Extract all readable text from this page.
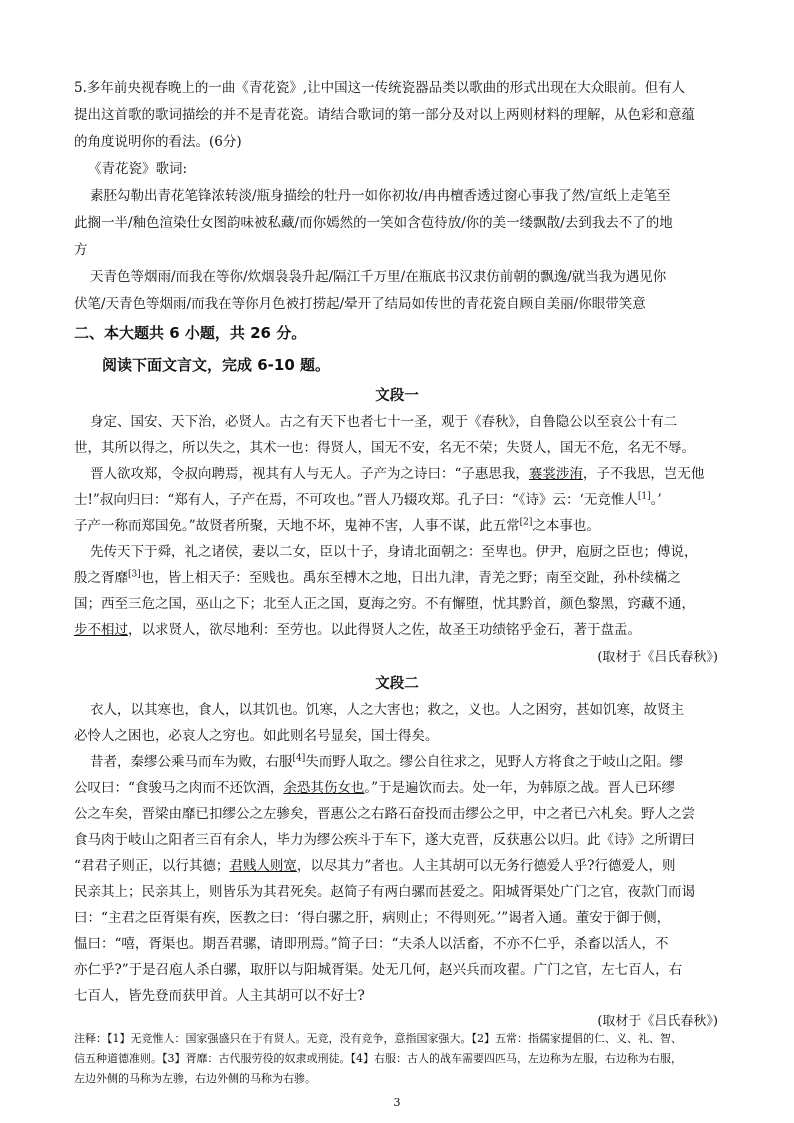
5.多年前央视春晚上的一曲《青花瓷》,让中国这一传统瓷器品类以歌曲的形式出现在大众眼前。但有人
提出这首歌的歌词描绘的并不是青花瓷。请结合歌词的第一部分及对以上两则材料的理解，从色彩和意蕴
的角度说明你的看法。(6分)
《青花瓷》歌词:
素胚勾勒出青花笔锋浓转淡/瓶身描绘的牡丹一如你初妆/冉冉檀香透过窗心事我了然/宣纸上走笔至
此搁一半/釉色渲染仕女图韵味被私藏/而你嫣然的一笑如含苞待放/你的美一缕飘散/去到我去不了的地
方
天青色等烟雨/而我在等你/炊烟袅袅升起/隔江千万里/在瓶底书汉隶仿前朝的飘逸/就当我为遇见你
伏笔/天青色等烟雨/而我在等你月色被打捞起/晕开了结局如传世的青花瓷自顾自美丽/你眼带笑意
二、本大题共 6 小题，共 26 分。
阅读下面文言文，完成 6-10 题。
文段一
身定、国安、天下治，必贤人。古之有天下也者七十一圣，观于《春秋》，自鲁隐公以至哀公十有二
世，其所以得之，所以失之，其术一也：得贤人，国无不安，名无不荣；失贤人，国无不危，名无不辱。
晋人欲攻郑，令叔向聘焉，视其有人与无人。子产为之诗曰：“子惠思我，褰裳涉洧，子不我思，岂无他
士!”叔向归曰：“郑有人，子产在焉，不可攻也。”晋人乃辍攻郑。孔子曰：“《诗》云：‘无竞惟人[1]。’
子产一称而郑国免。”故贤者所聚，天地不坏，鬼神不害，人事不谋，此五常[2]之本事也。
先传天下于舜，礼之诸侯，妻以二女，臣以十子，身请北面朝之：至卑也。伊尹，庖厨之臣也；傅说，
殷之胥靡[3]也，皆上相天子：至贱也。禹东至榑木之地，日出九津，青羌之野；南至交趾，孙朴续樠之
国；西至三危之国，巫山之下；北至人正之国，夏海之穷。不有懈堕，忧其黔首，颜色黎黑，窍藏不通，
步不相过，以求贤人，欲尽地利：至劳也。以此得贤人之佐，故圣王功绩铭乎金石，著于盘盂。
(取材于《吕氏春秋》)
文段二
衣人，以其寒也，食人，以其饥也。饥寒，人之大害也；救之，义也。人之困穷，甚如饥寒，故贤主
必怜人之困也，必哀人之穷也。如此则名号显矣，国士得矣。
昔者，秦缪公乘马而车为败，右服[4]失而野人取之。缪公自往求之，见野人方将食之于岐山之阳。缪
公叹曰：“食骏马之肉而不还饮酒，余恐其伤女也。”于是遍饮而去。处一年，为韩原之战。晋人已环缪
公之车矣，晋梁由靡已扣缪公之左骖矣，晋惠公之右路石奋投而击缪公之甲，中之者已六札矣。野人之尝
食马肉于岐山之阳者三百有余人，毕力为缪公疾斗于车下，遂大克晋，反获惠公以归。此《诗》之所谓曰
“君君子则正，以行其德；君贱人则宽，以尽其力”者也。人主其胡可以无务行德爱人乎?行德爱人，则
民亲其上；民亲其上，则皆乐为其君死矣。赵简子有两白骡而甚爱之。阳城胥渠处广门之官，夜款门而谒
曰：“主君之臣胥渠有疾，医教之曰：‘得白骡之肝，病则止；不得则死。’”谒者入通。董安于御于侧，
愠曰：“嘻，胥渠也。期吾君骡，请即刑焉。”简子曰：“夫杀人以活畜，不亦不仁乎，杀畜以活人，不
亦仁乎?”于是召庖人杀白骡，取肝以与阳城胥渠。处无几何，赵兴兵而攻翟。广门之官，左七百人，右
七百人，皆先登而获甲首。人主其胡可以不好士?
(取材于《吕氏春秋》)
注释：【1】无竞惟人：国家强盛只在于有贤人。无竞，没有竞争，意指国家强大。【2】五常：指儒家提倡的仁、义、礼、智、
信五种道德准则。【3】胥靡：古代服劳役的奴隶或刑徒。【4】右服：古人的战车需要四匹马，左边称为左服，右边称为右服，
左边外侧的马称为左骖，右边外侧的马称为右骖。
3
